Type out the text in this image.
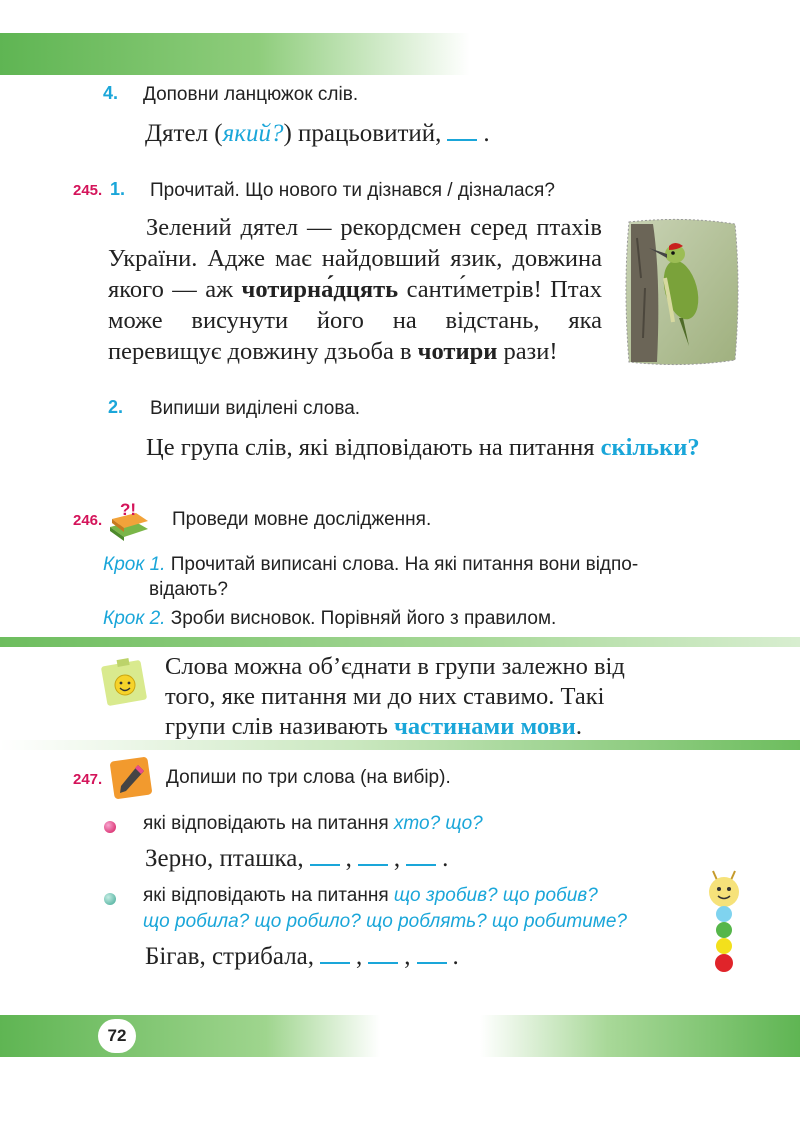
4. Доповни ланцюжок слів.
Дятел (який?) працьовитий, .
245. 1. Прочитай. Що нового ти дізнався / дізналася?
Зелений дятел — рекордсмен серед птахів України. Адже має найдовший язик, довжина якого — аж чотирна́дцять санти́метрів! Птах може висунути його на відстань, яка перевищує довжину дзьоба в чотири рази!
2. Випиши виділені слова.
Це група слів, які відповідають на питання скільки?
246.
?! Проведи мовне дослідження.
Крок 1. Прочитай виписані слова. На які питання вони відпо-
відають?
Крок 2. Зроби висновок. Порівняй його з правилом.
Слова можна об’єднати в групи залежно від
того, яке питання ми до них ставимо. Такі
групи слів називають частинами мови.
247.	Допиши по три слова (на вибір).
які відповідають на питання хто? що?
Зерно, пташка, , , .
які відповідають на питання що зробив? що робив?
що робила? що робило? що роблять? що робитиме?
Бігав, стрибала, , , .
72
